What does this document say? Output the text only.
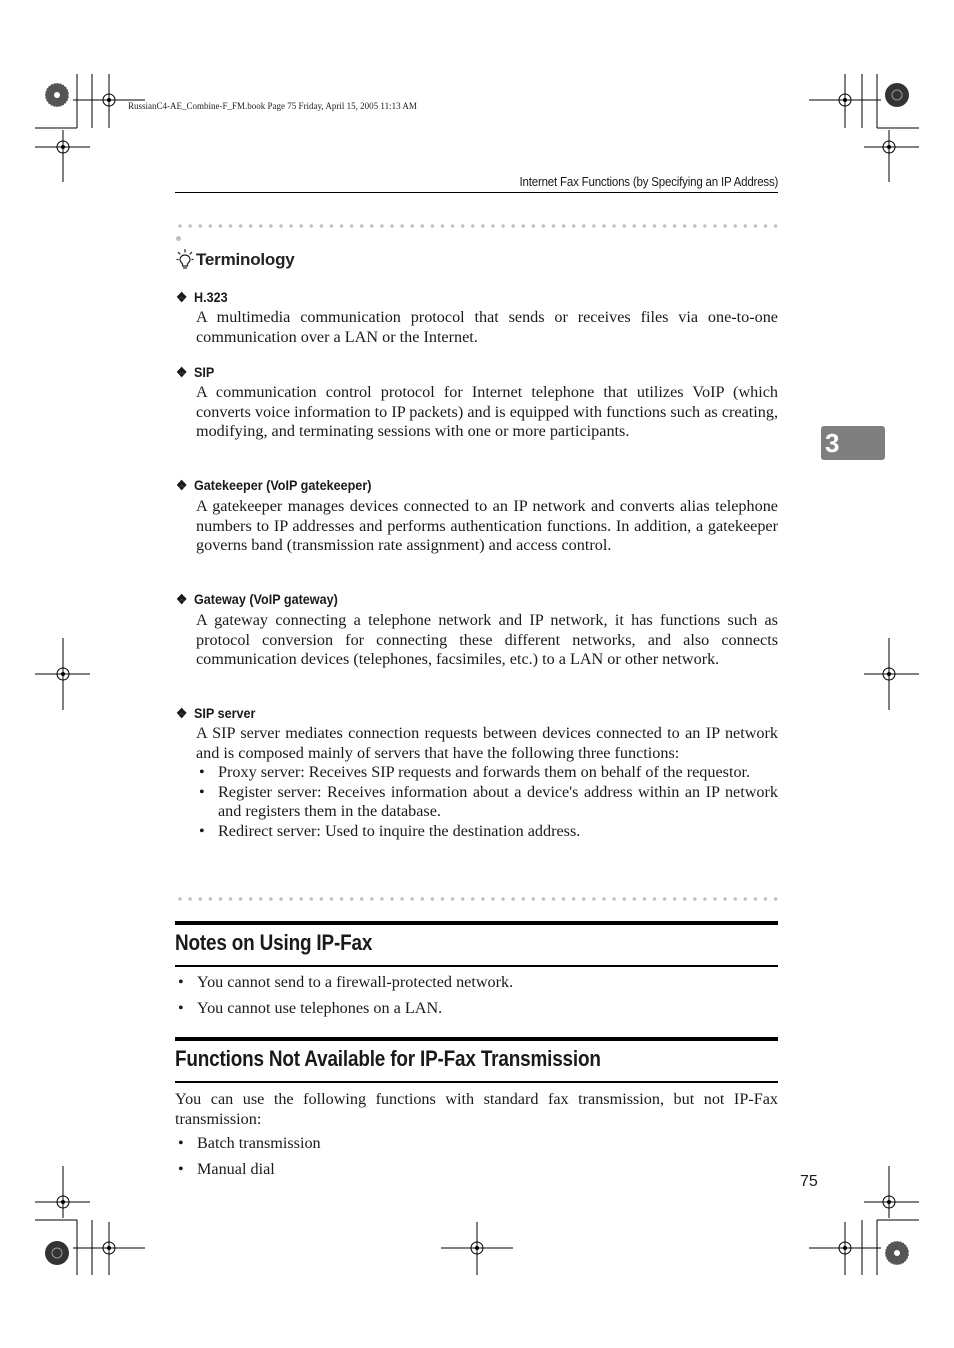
RussianC4-AE_Combine-F_FM.book Page 75 Friday, April 15, 2005 11:13 AM
Internet Fax Functions (by Specifying an IP Address)
Terminology
❖ H.323
A multimedia communication protocol that sends or receives files via one-to-one communication over a LAN or the Internet.
❖ SIP
A communication control protocol for Internet telephone that utilizes VoIP (which converts voice information to IP packets) and is equipped with functions such as creating, modifying, and terminating sessions with one or more participants.
❖ Gatekeeper (VoIP gatekeeper)
A gatekeeper manages devices connected to an IP network and converts alias telephone numbers to IP addresses and performs authentication functions. In addition, a gatekeeper governs band (transmission rate assignment) and access control.
❖ Gateway (VoIP gateway)
A gateway connecting a telephone network and IP network, it has functions such as protocol conversion for connecting these different networks, and also connects communication devices (telephones, facsimiles, etc.) to a LAN or other network.
❖ SIP server
A SIP server mediates connection requests between devices connected to an IP network and is composed mainly of servers that have the following three functions:
• Proxy server: Receives SIP requests and forwards them on behalf of the requestor.
• Register server: Receives information about a device's address within an IP network and registers them in the database.
• Redirect server: Used to inquire the destination address.
Notes on Using IP-Fax
• You cannot send to a firewall-protected network.
• You cannot use telephones on a LAN.
Functions Not Available for IP-Fax Transmission
You can use the following functions with standard fax transmission, but not IP-Fax transmission:
• Batch transmission
• Manual dial
3
75
